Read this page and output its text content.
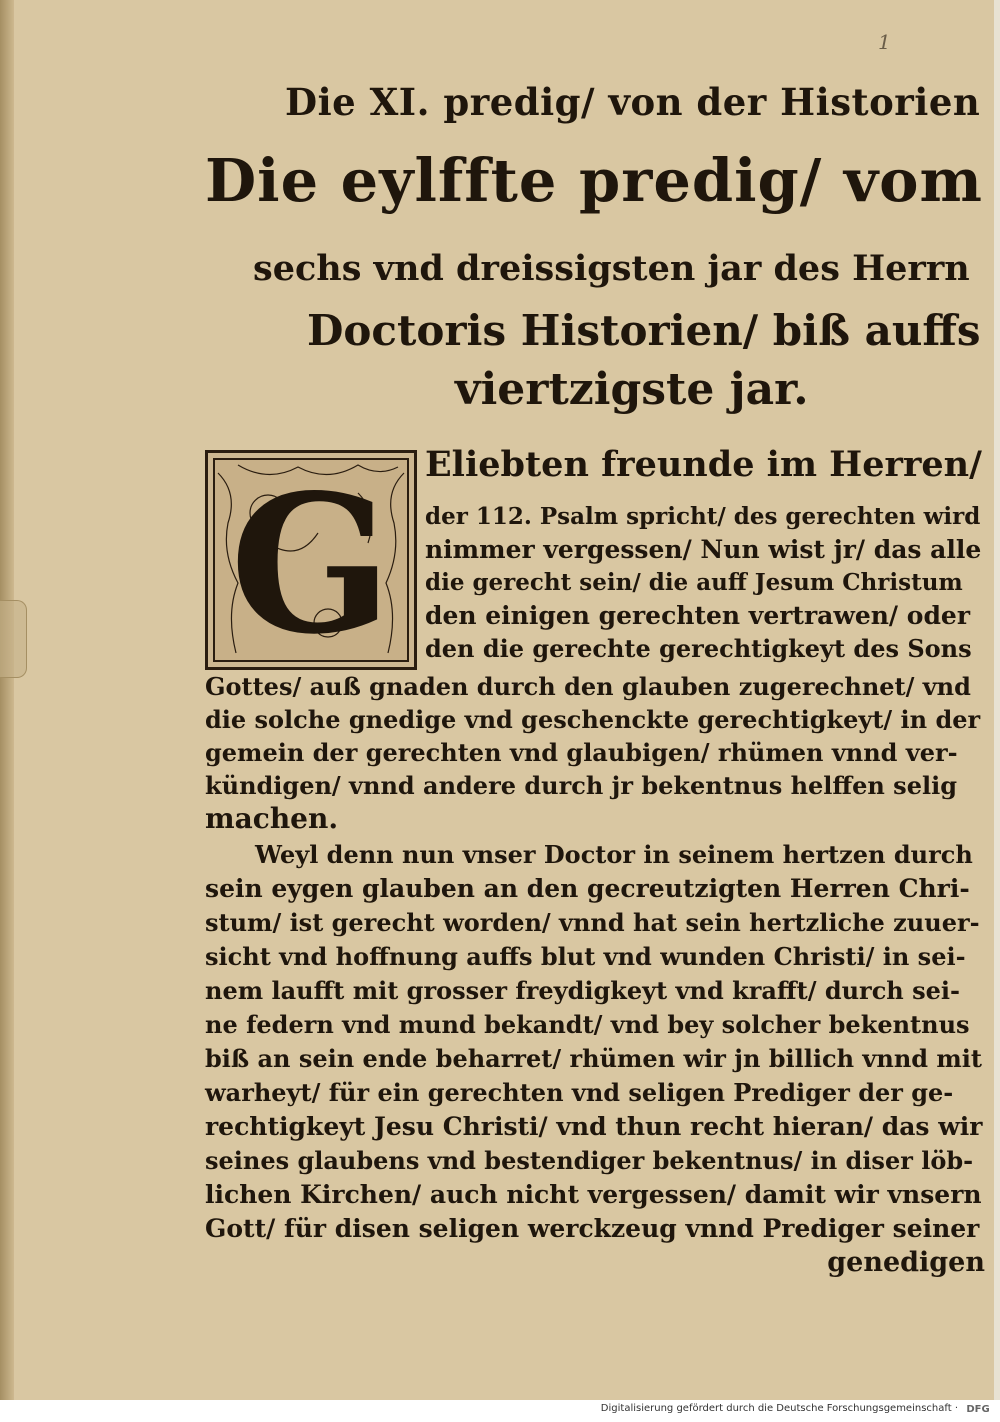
1
Die XI. predig/ von der Historien
Die eylffte predig/ vom
sechs vnd dreissigsten jar des Herrn
Doctoris Historien/ biß auffs
viertzigste jar.
G Eliebten freunde im Herren/
der 112. Psalm spricht/ des gerechten wird
nimmer vergessen/ Nun wist jr/ das alle
die gerecht sein/ die auff Jesum Christum
den einigen gerechten vertrawen/ oder
den die gerechte gerechtigkeyt des Sons
Gottes/ auß gnaden durch den glauben zugerechnet/ vnd
die solche gnedige vnd geschenckte gerechtigkeyt/ in der
gemein der gerechten vnd glaubigen/ rhümen vnnd ver-
kündigen/ vnnd andere durch jr bekentnus helffen selig
machen.
Weyl denn nun vnser Doctor in seinem hertzen durch
sein eygen glauben an den gecreutzigten Herren Chri-
stum/ ist gerecht worden/ vnnd hat sein hertzliche zuuer-
sicht vnd hoffnung auffs blut vnd wunden Christi/ in sei-
nem laufft mit grosser freydigkeyt vnd krafft/ durch sei-
ne federn vnd mund bekandt/ vnd bey solcher bekentnus
biß an sein ende beharret/ rhümen wir jn billich vnnd mit
warheyt/ für ein gerechten vnd seligen Prediger der ge-
rechtigkeyt Jesu Christi/ vnd thun recht hieran/ das wir
seines glaubens vnd bestendiger bekentnus/ in diser löb-
lichen Kirchen/ auch nicht vergessen/ damit wir vnsern
Gott/ für disen seligen werckzeug vnnd Prediger seiner
genedigen
Digitalisierung gefördert durch die Deutsche Forschungsgemeinschaft · DFG
